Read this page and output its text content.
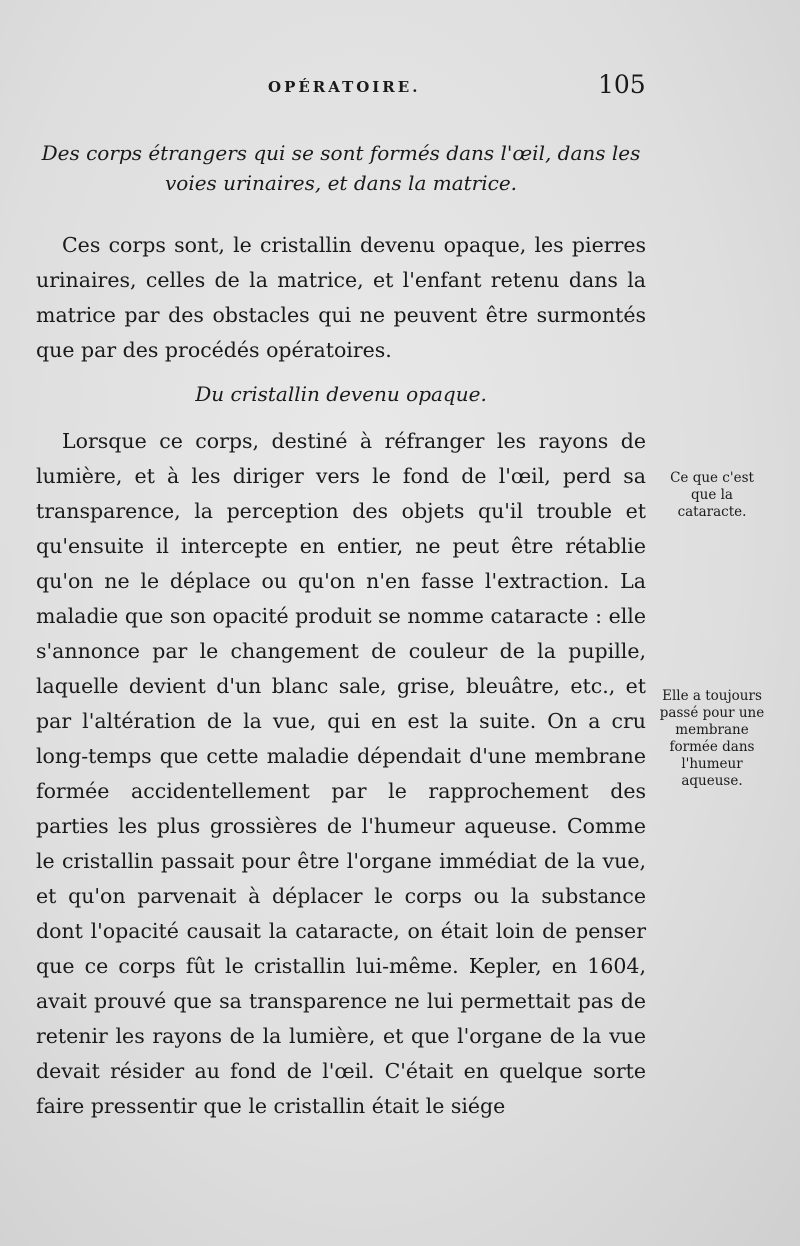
OPÉRATOIRE.	105

Des corps étrangers qui se sont formés dans l'œil, dans les voies urinaires, et dans la matrice.

Ces corps sont, le cristallin devenu opaque, les pierres urinaires, celles de la matrice, et l'enfant retenu dans la matrice par des obstacles qui ne peuvent être surmontés que par des procédés opératoires.

Du cristallin devenu opaque.

Lorsque ce corps, destiné à réfranger les rayons de lumière, et à les diriger vers le fond de l'œil, perd sa transparence, la perception des objets qu'il trouble et qu'ensuite il intercepte en entier, ne peut être rétablie qu'on ne le déplace ou qu'on n'en fasse l'extraction. La maladie que son opacité produit se nomme cataracte : elle s'annonce par le changement de couleur de la pupille, laquelle devient d'un blanc sale, grise, bleuâtre, etc., et par l'altération de la vue, qui en est la suite. On a cru long-temps que cette maladie dépendait d'une membrane formée accidentellement par le rapprochement des parties les plus grossières de l'humeur aqueuse. Comme le cristallin passait pour être l'organe immédiat de la vue, et qu'on parvenait à déplacer le corps ou la substance dont l'opacité causait la cataracte, on était loin de penser que ce corps fût le cristallin lui-même. Kepler, en 1604, avait prouvé que sa transparence ne lui permettait pas de retenir les rayons de la lumière, et que l'organe de la vue devait résider au fond de l'œil. C'était en quelque sorte faire pressentir que le cristallin était le siége

Ce que c'est que la cataracte.
Elle a toujours passé pour une membrane formée dans l'humeur aqueuse.
